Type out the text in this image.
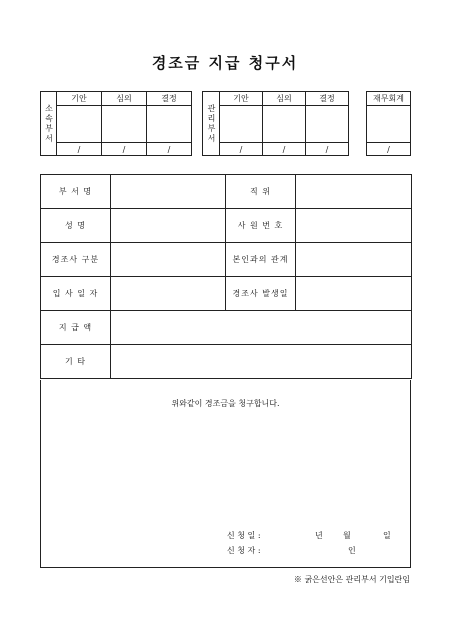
경조금 지급 청구서
소속부서	기안	심의	결정

	/	/	/
관리부서	기안	심의	결정

	/	/	/
재무회계

/
부 서 명		직 위	
성 명		사 원 번 호	
경조사 구분		본인과의 관계	
입 사 일 자		경조사 발생일	
지 급 액			
기 타			
위와같이 경조금을 청구합니다.
신 청 일 :	년	월	일
신 청 자 :	인
※ 굵은선안은 관리부서 기입란임
